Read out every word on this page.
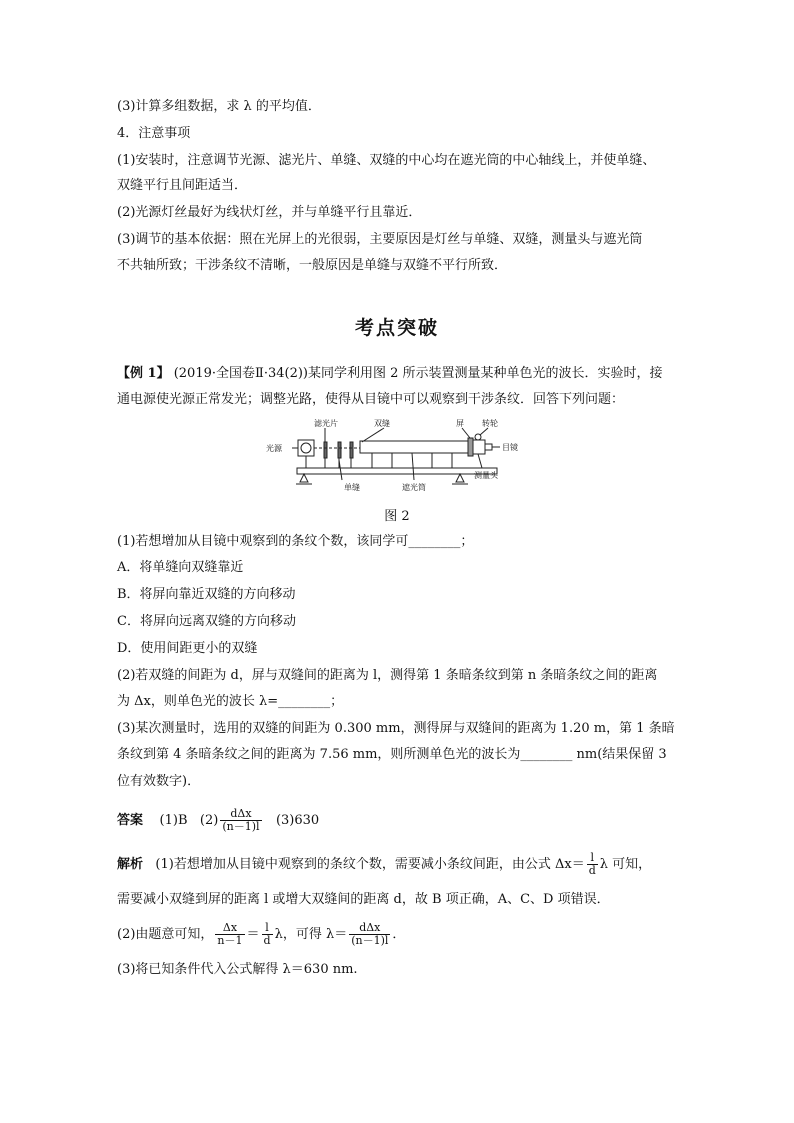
(3)计算多组数据，求 λ 的平均值．
4．注意事项
(1)安装时，注意调节光源、滤光片、单缝、双缝的中心均在遮光筒的中心轴线上，并使单缝、
双缝平行且间距适当．
(2)光源灯丝最好为线状灯丝，并与单缝平行且靠近．
(3)调节的基本依据：照在光屏上的光很弱，主要原因是灯丝与单缝、双缝，测量头与遮光筒
不共轴所致；干涉条纹不清晰，一般原因是单缝与双缝不平行所致．
考点突破
【例 1】 (2019·全国卷Ⅱ·34(2))某同学利用图 2 所示装置测量某种单色光的波长．实验时，接
通电源使光源正常发光；调整光路，使得从目镜中可以观察到干涉条纹．回答下列问题：
滤光片	双缝	屏 转轮
光源	目镜
单缝	遮光筒
测量头
图 2
(1)若想增加从目镜中观察到的条纹个数，该同学可________；
A．将单缝向双缝靠近
B．将屏向靠近双缝的方向移动
C．将屏向远离双缝的方向移动
D．使用间距更小的双缝
(2)若双缝的间距为 d，屏与双缝间的距离为 l，测得第 1 条暗条纹到第 n 条暗条纹之间的距离
为 Δx，则单色光的波长 λ=________；
(3)某次测量时，选用的双缝的间距为 0.300 mm，测得屏与双缝间的距离为 1.20 m，第 1 条暗
条纹到第 4 条暗条纹之间的距离为 7.56 mm，则所测单色光的波长为________ nm(结果保留 3
位有效数字)．
答案 (1)B $(2) \frac{\text{dΔx}}{(n-1)l} (3)630$
解析 (1)若想增加从目镜中观察到的条纹个数，需要减小条纹间距，由公式 $\Delta x= \frac{l}{d}$ λ 可知，
需要减小双缝到屏的距离 l 或增大双缝间的距离 d，故 B 项正确，A、C、D 项错误．
(2)由题意可知， $\frac{\Delta x}{n-1} = \frac{l}{d}$ λ，可得 $\lambda= \frac{\text{dΔx}}{(n-1)l}$ ．
(3)将已知条件代入公式解得 λ＝630 nm.
